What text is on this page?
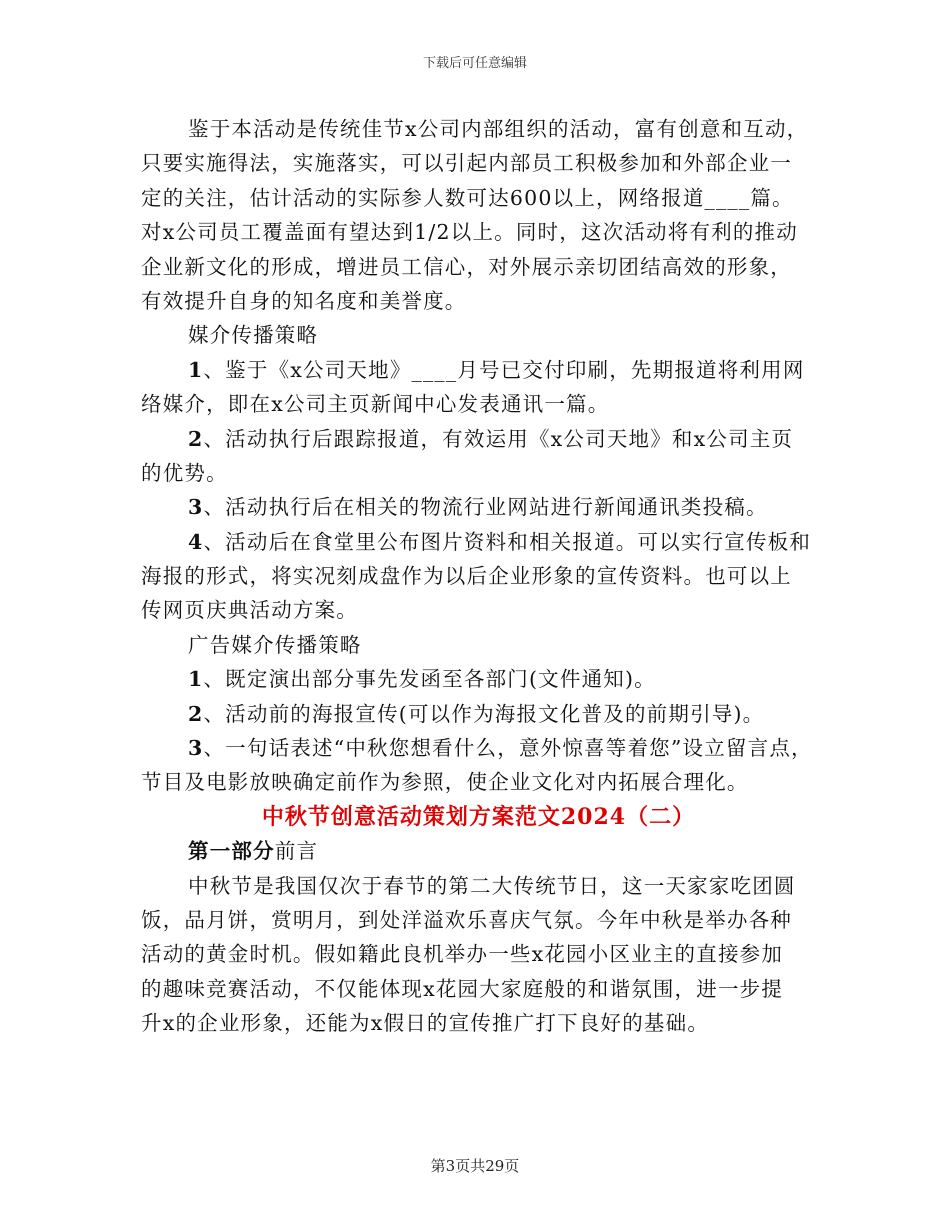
下载后可任意编辑
鉴于本活动是传统佳节x公司内部组织的活动，富有创意和互动，
只要实施得法，实施落实，可以引起内部员工积极参加和外部企业一
定的关注，估计活动的实际参人数可达600以上，网络报道____篇。
对x公司员工覆盖面有望达到1/2以上。同时，这次活动将有利的推动
企业新文化的形成，增进员工信心，对外展示亲切团结高效的形象，
有效提升自身的知名度和美誉度。
媒介传播策略
1、鉴于《x公司天地》____月号已交付印刷，先期报道将利用网
络媒介，即在x公司主页新闻中心发表通讯一篇。
2、活动执行后跟踪报道，有效运用《x公司天地》和x公司主页
的优势。
3、活动执行后在相关的物流行业网站进行新闻通讯类投稿。
4、活动后在食堂里公布图片资料和相关报道。可以实行宣传板和
海报的形式，将实况刻成盘作为以后企业形象的宣传资料。也可以上
传网页庆典活动方案。
广告媒介传播策略
1、既定演出部分事先发函至各部门(文件通知)。
2、活动前的海报宣传(可以作为海报文化普及的前期引导)。
3、一句话表述“中秋您想看什么，意外惊喜等着您”设立留言点，
节目及电影放映确定前作为参照，使企业文化对内拓展合理化。
中秋节创意活动策划方案范文2024（二）
第一部分前言
中秋节是我国仅次于春节的第二大传统节日，这一天家家吃团圆
饭，品月饼，赏明月，到处洋溢欢乐喜庆气氛。今年中秋是举办各种
活动的黄金时机。假如籍此良机举办一些x花园小区业主的直接参加
的趣味竞赛活动，不仅能体现x花园大家庭般的和谐氛围，进一步提
升x的企业形象，还能为x假日的宣传推广打下良好的基础。
第3页共29页
